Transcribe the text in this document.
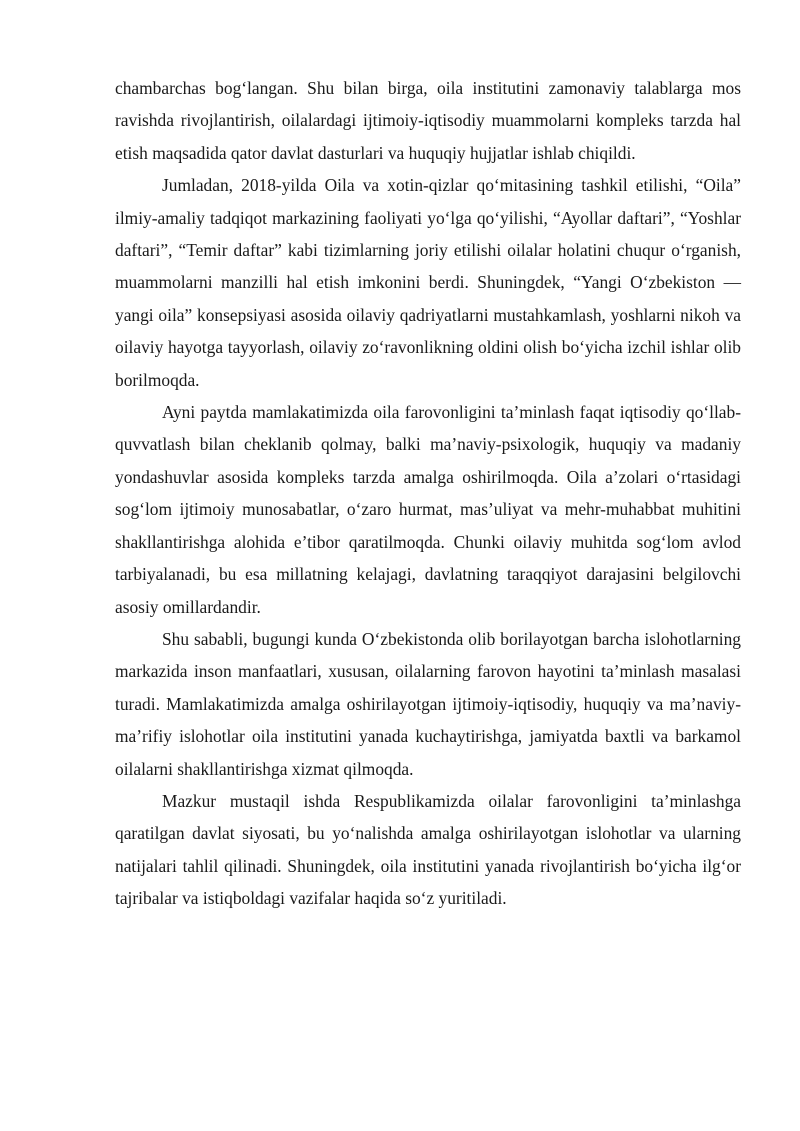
chambarchas bog‘langan. Shu bilan birga, oila institutini zamonaviy talablarga mos ravishda rivojlantirish, oilalardagi ijtimoiy-iqtisodiy muammolarni kompleks tarzda hal etish maqsadida qator davlat dasturlari va huquqiy hujjatlar ishlab chiqildi.

Jumladan, 2018-yilda Oila va xotin-qizlar qo‘mitasining tashkil etilishi, “Oila” ilmiy-amaliy tadqiqot markazining faoliyati yo‘lga qo‘yilishi, “Ayollar daftari”, “Yoshlar daftari”, “Temir daftar” kabi tizimlarning joriy etilishi oilalar holatini chuqur o‘rganish, muammolarni manzilli hal etish imkonini berdi. Shuningdek, “Yangi O‘zbekiston — yangi oila” konsepsiyasi asosida oilaviy qadriyatlarni mustahkamlash, yoshlarni nikoh va oilaviy hayotga tayyorlash, oilaviy zo‘ravonlikning oldini olish bo‘yicha izchil ishlar olib borilmoqda.

Ayni paytda mamlakatimizda oila farovonligini ta’minlash faqat iqtisodiy qo‘llab-quvvatlash bilan cheklanib qolmay, balki ma’naviy-psixologik, huquqiy va madaniy yondashuvlar asosida kompleks tarzda amalga oshirilmoqda. Oila a’zolari o‘rtasidagi sog‘lom ijtimoiy munosabatlar, o‘zaro hurmat, mas’uliyat va mehr-muhabbat muhitini shakllantirishga alohida e’tibor qaratilmoqda. Chunki oilaviy muhitda sog‘lom avlod tarbiyalanadi, bu esa millatning kelajagi, davlatning taraqqiyot darajasini belgilovchi asosiy omillardandir.

Shu sababli, bugungi kunda O‘zbekistonda olib borilayotgan barcha islohotlarning markazida inson manfaatlari, xususan, oilalarning farovon hayotini ta’minlash masalasi turadi. Mamlakatimizda amalga oshirilayotgan ijtimoiy-iqtisodiy, huquqiy va ma’naviy-ma’rifiy islohotlar oila institutini yanada kuchaytirishga, jamiyatda baxtli va barkamol oilalarni shakllantirishga xizmat qilmoqda.

Mazkur mustaqil ishda Respublikamizda oilalar farovonligini ta’minlashga qaratilgan davlat siyosati, bu yo‘nalishda amalga oshirilayotgan islohotlar va ularning natijalari tahlil qilinadi. Shuningdek, oila institutini yanada rivojlantirish bo‘yicha ilg‘or tajribalar va istiqboldagi vazifalar haqida so‘z yuritiladi.
